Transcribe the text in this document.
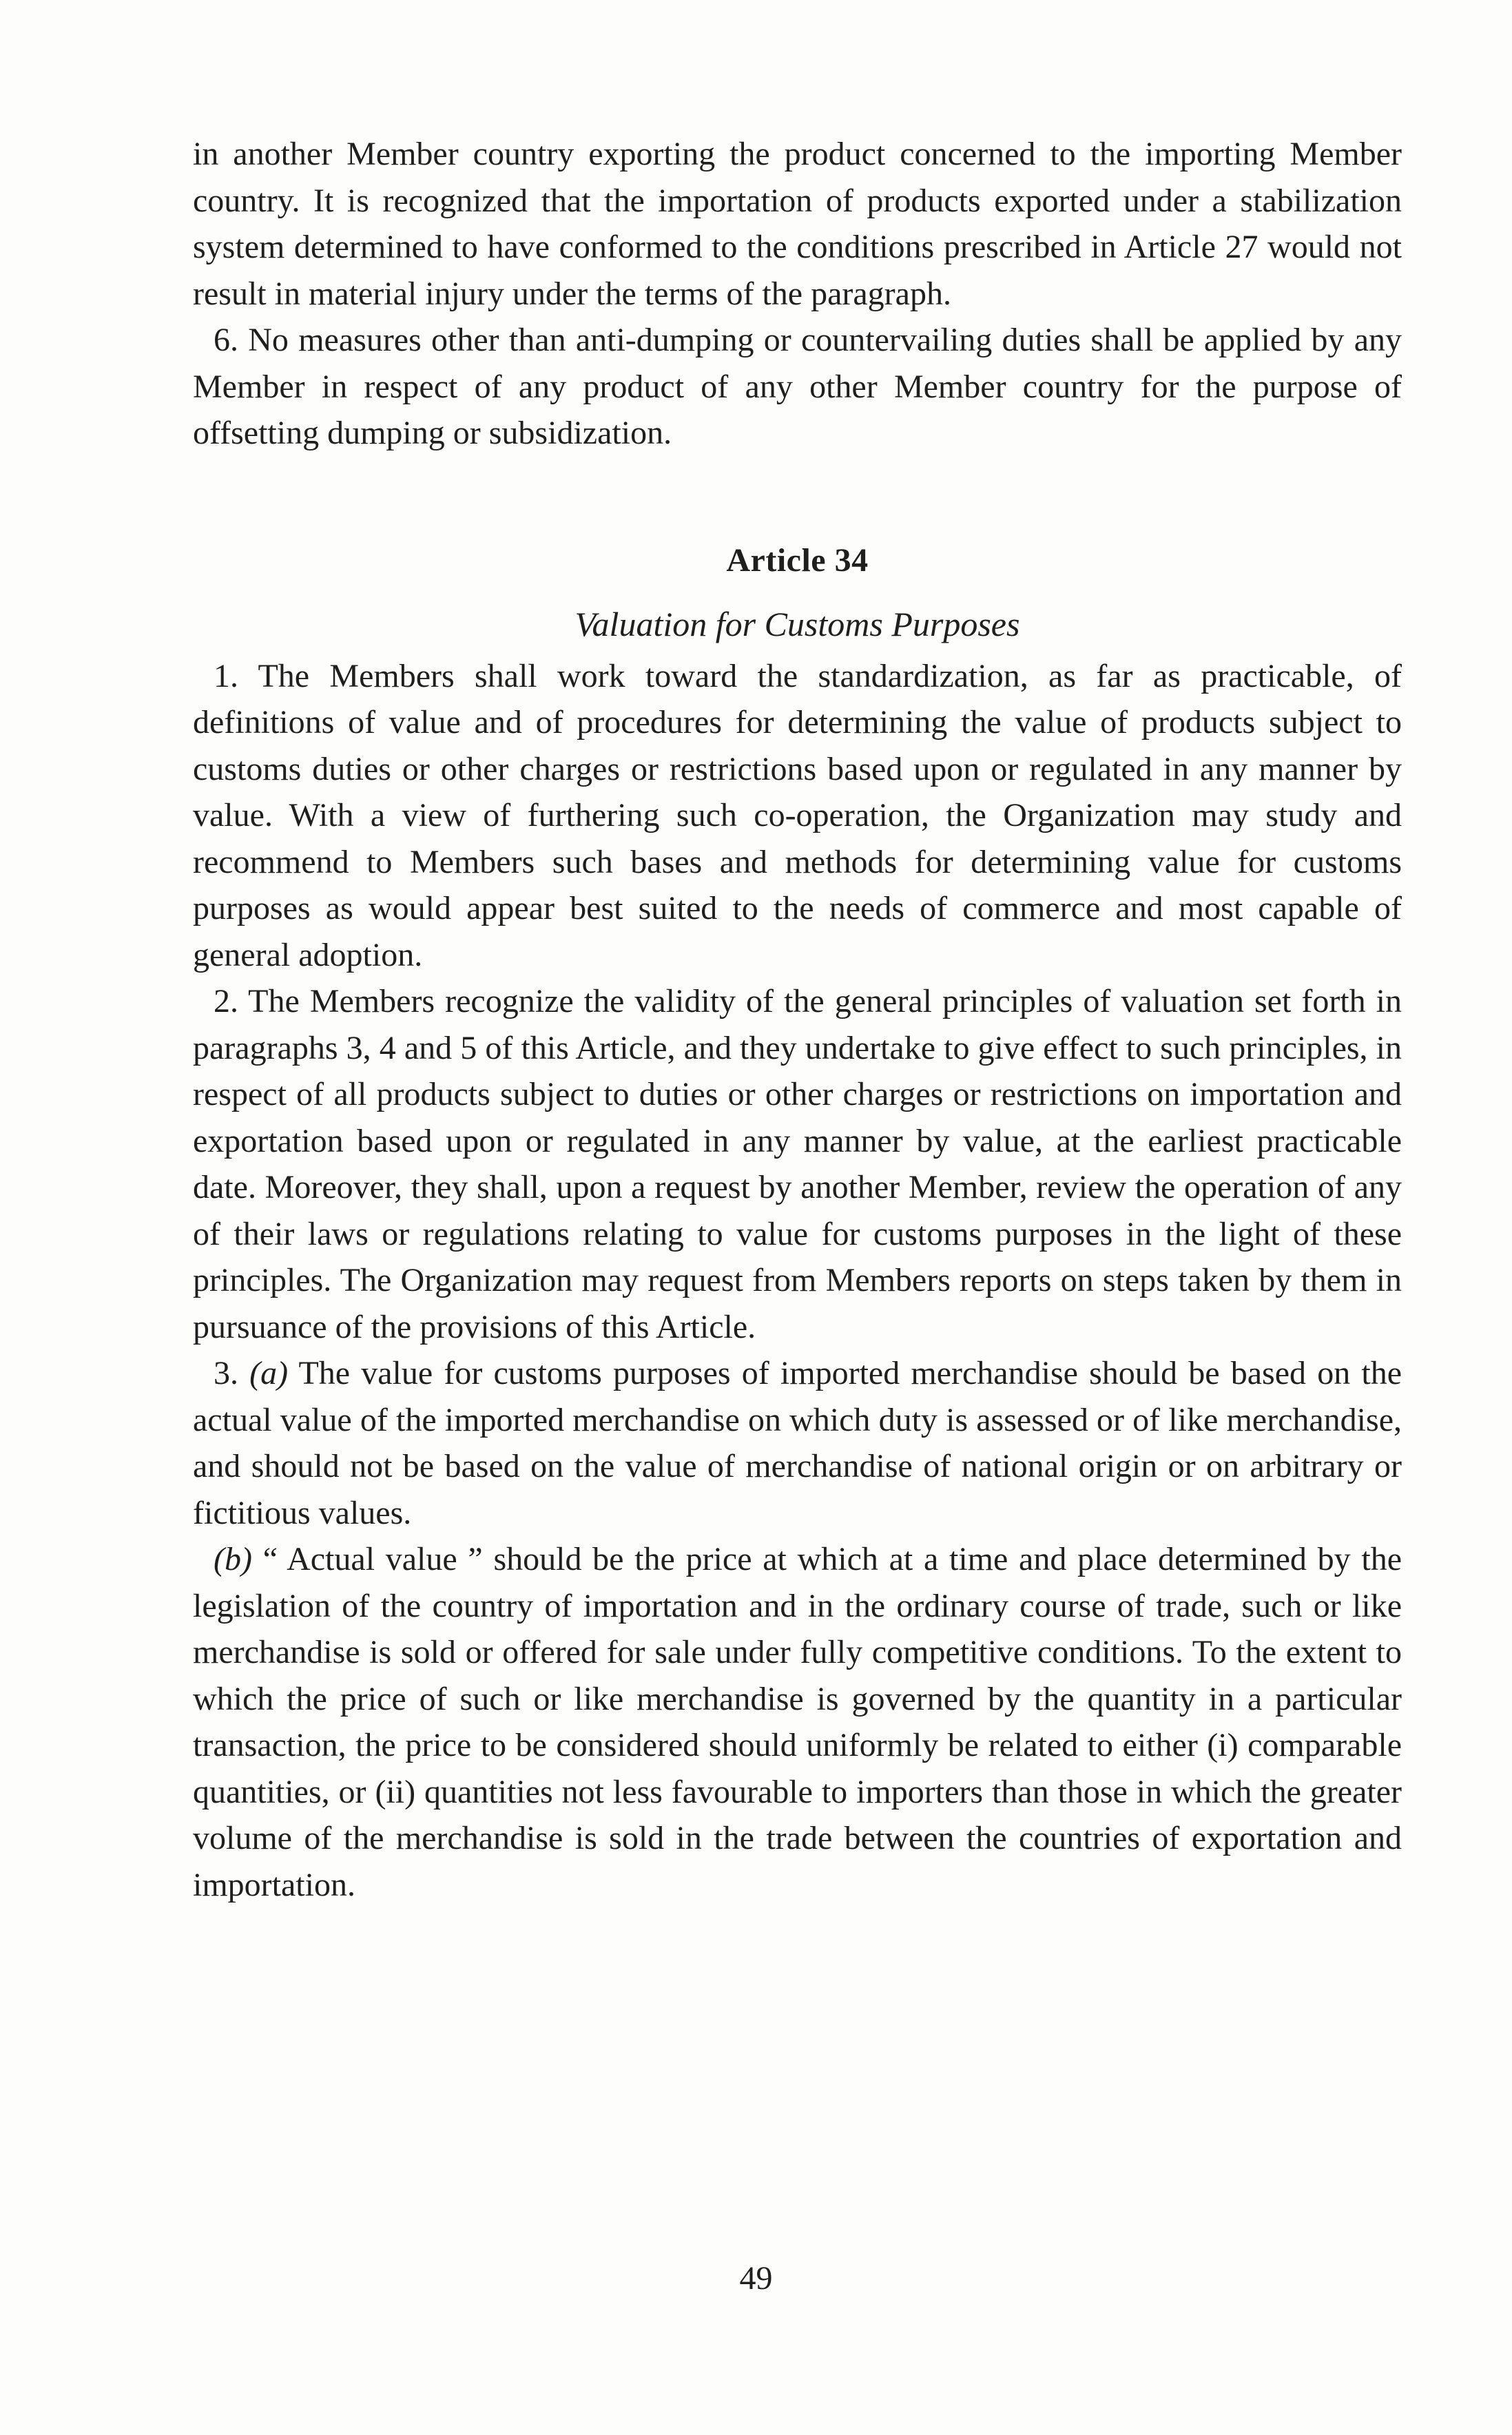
in another Member country exporting the product concerned to the importing Member country. It is recognized that the importation of products exported under a stabilization system determined to have conformed to the conditions prescribed in Article 27 would not result in material injury under the terms of the paragraph.

6. No measures other than anti-dumping or countervailing duties shall be applied by any Member in respect of any product of any other Member country for the purpose of offsetting dumping or subsidization.

Article 34
Valuation for Customs Purposes

1. The Members shall work toward the standardization, as far as practicable, of definitions of value and of procedures for determining the value of products subject to customs duties or other charges or restrictions based upon or regulated in any manner by value. With a view of furthering such co-operation, the Organization may study and recommend to Members such bases and methods for determining value for customs purposes as would appear best suited to the needs of commerce and most capable of general adoption.

2. The Members recognize the validity of the general principles of valuation set forth in paragraphs 3, 4 and 5 of this Article, and they undertake to give effect to such principles, in respect of all products subject to duties or other charges or restrictions on importation and exportation based upon or regulated in any manner by value, at the earliest practicable date. Moreover, they shall, upon a request by another Member, review the operation of any of their laws or regulations relating to value for customs purposes in the light of these principles. The Organization may request from Members reports on steps taken by them in pursuance of the provisions of this Article.

3. (a) The value for customs purposes of imported merchandise should be based on the actual value of the imported merchandise on which duty is assessed or of like merchandise, and should not be based on the value of merchandise of national origin or on arbitrary or fictitious values.

(b) “ Actual value ” should be the price at which at a time and place determined by the legislation of the country of importation and in the ordinary course of trade, such or like merchandise is sold or offered for sale under fully competitive conditions. To the extent to which the price of such or like merchandise is governed by the quantity in a particular transaction, the price to be considered should uniformly be related to either (i) comparable quantities, or (ii) quantities not less favourable to importers than those in which the greater volume of the merchandise is sold in the trade between the countries of exportation and importation.

49
